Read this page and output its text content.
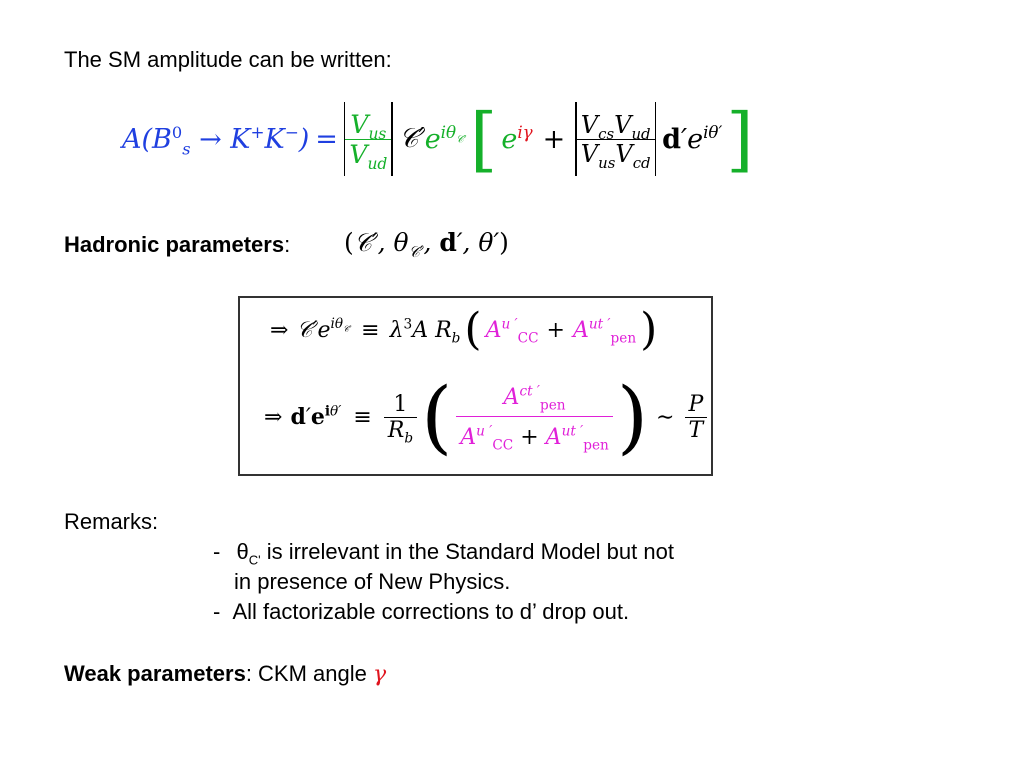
The SM amplitude can be written:
$A(B^0_s \to K^+K^-) = \frac{V_{us}}{V_{ud}}$ 𝒞′ $e^{i\theta_{𝒞'}}$ [ $e^{i\gamma} + \frac{V_{cs}V_{ud}}{V_{us}V_{cd}} d'e^{i\theta'}$ ]
Hadronic parameters: (𝒞′, $\theta_{𝒞'}$, d′, θ′)
⇒ $𝒞'e^{i\theta_{𝒞'}} \equiv \lambda^3A$ $R_b$ ( $A^{u '}_{CC} + A^{ut '}_{pen}$ )
⇒ $d'e^{i\theta'} \equiv \frac{1}{R_b}$ ( $\frac{A^{ct '}_{pen}}{A^{u '}_{CC} + A^{ut '}_{pen}}$ ) ∼ $\frac{P}{T}$
Remarks:
- $\theta_{C'}$ is irrelevant in the Standard Model but not
in presence of New Physics.
- All factorizable corrections to d’ drop out.
Weak parameters: CKM angle γ
